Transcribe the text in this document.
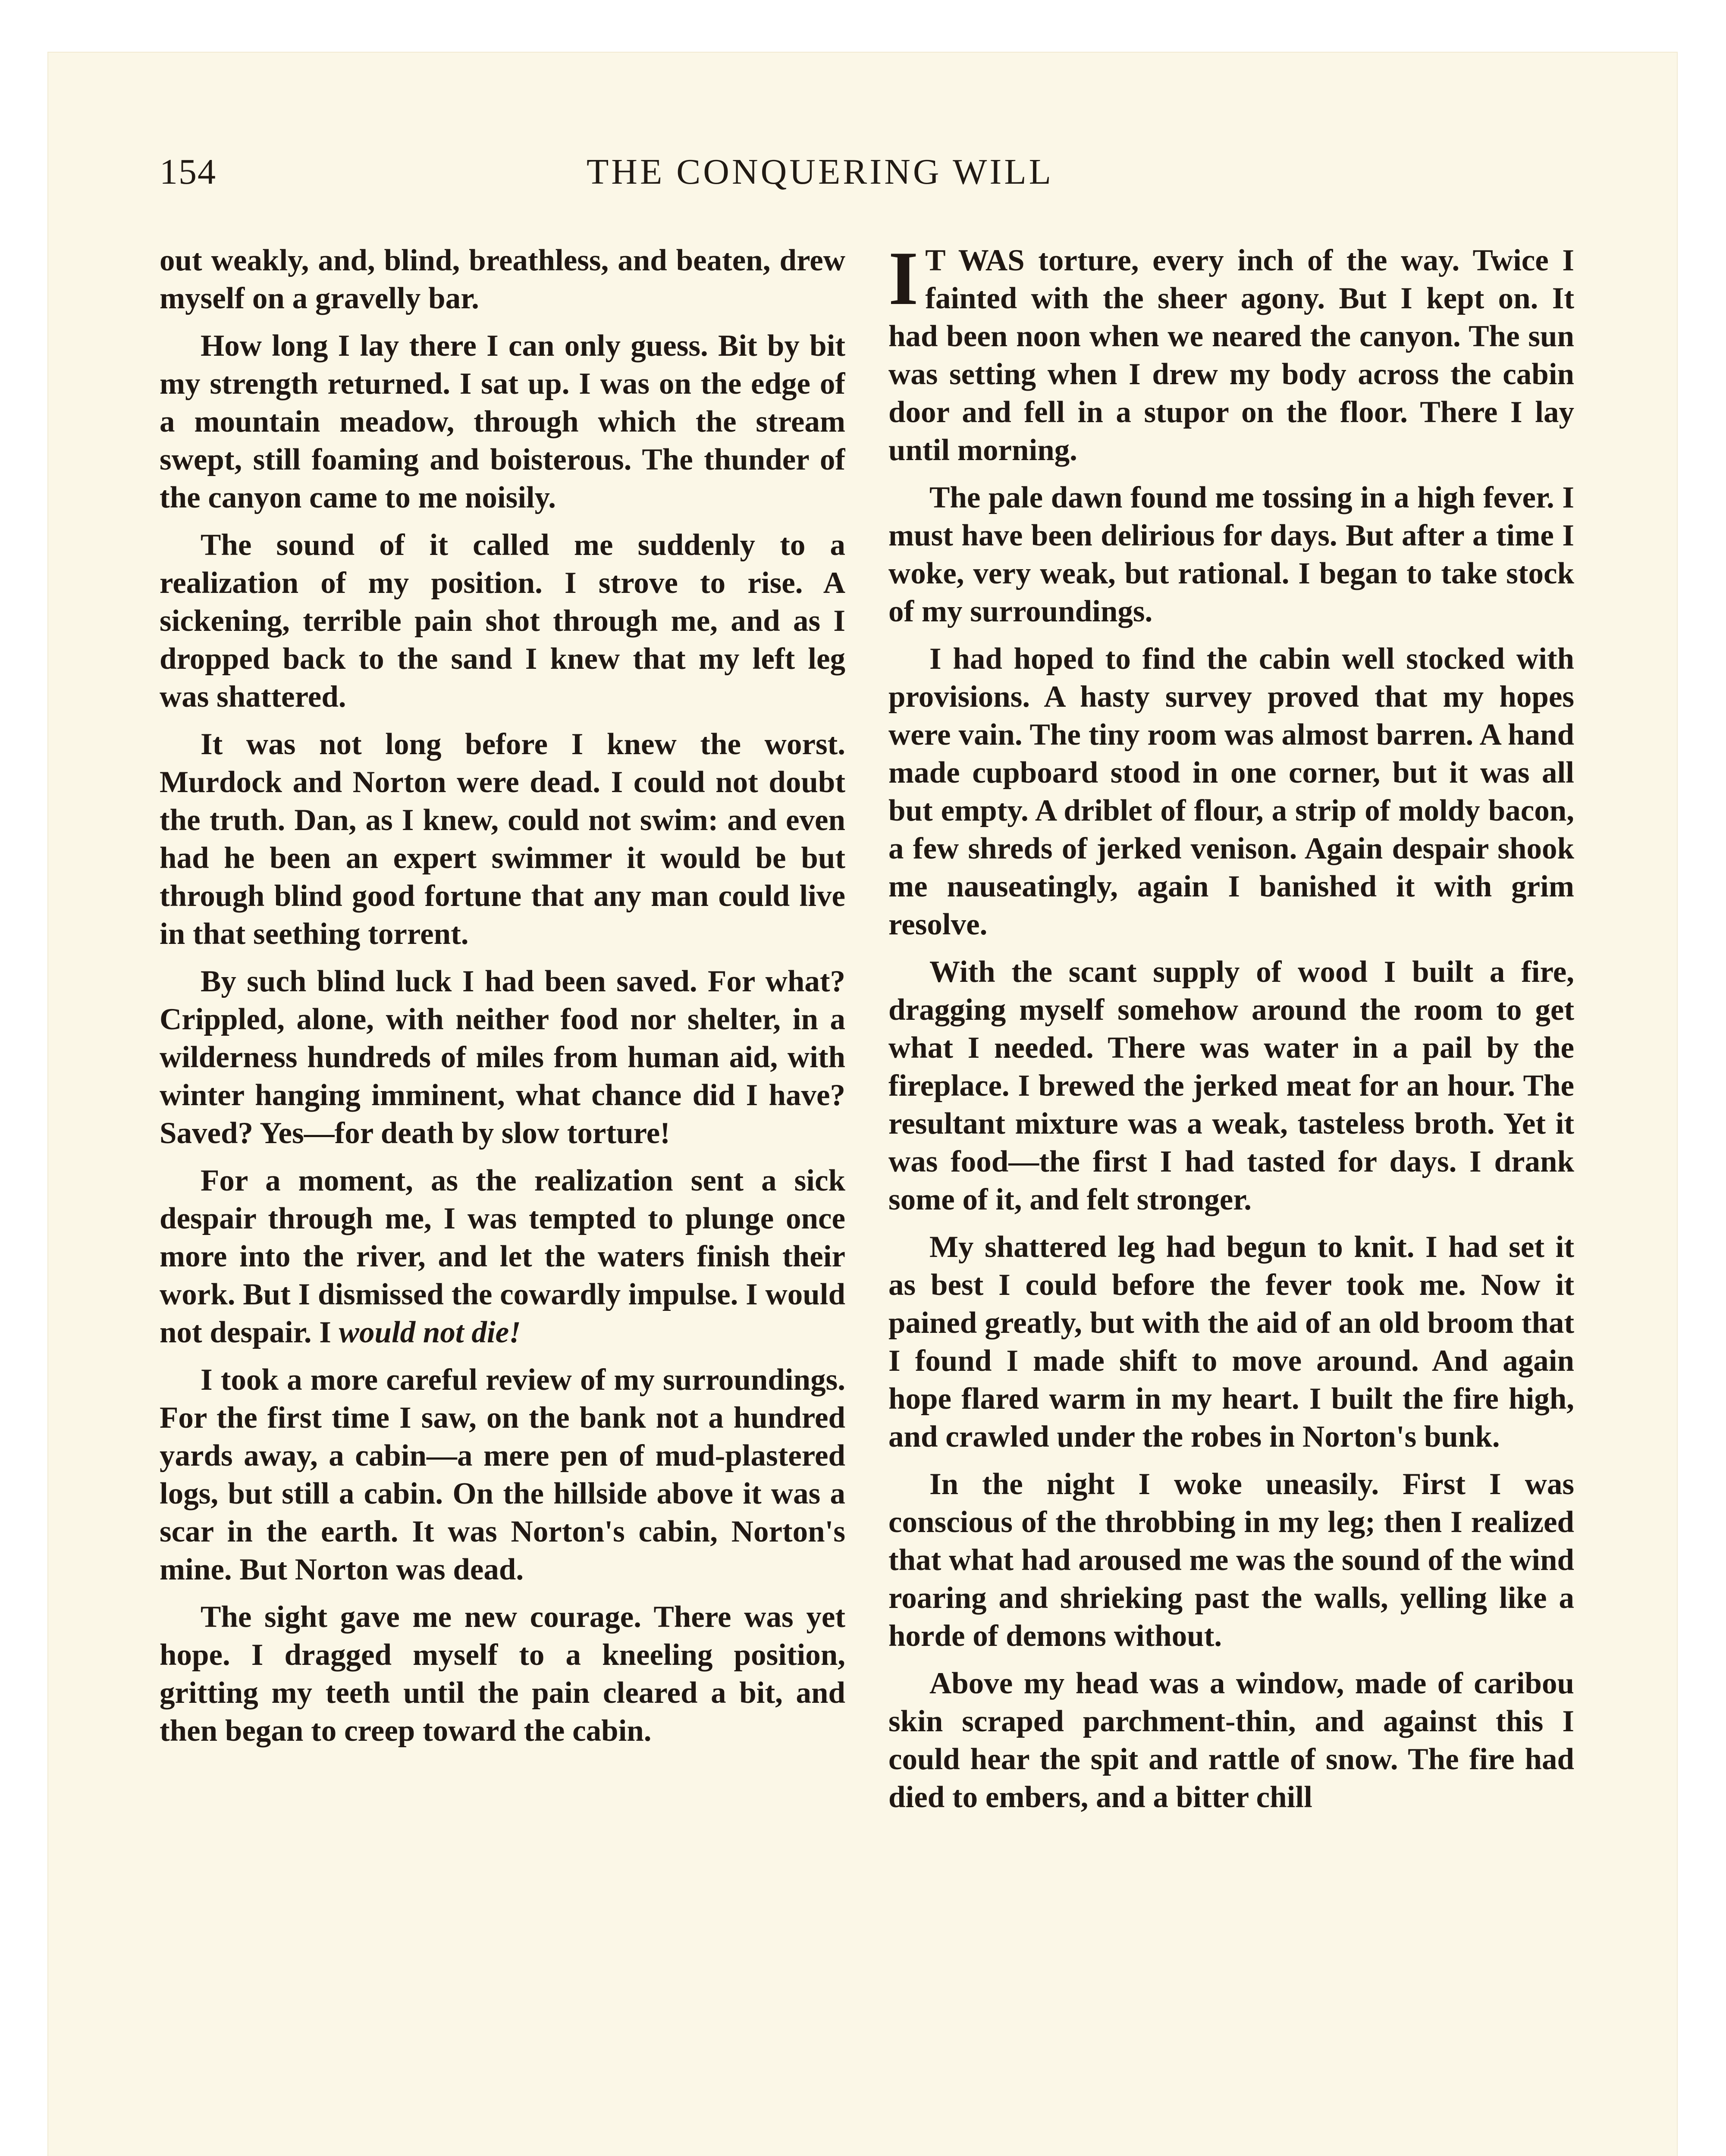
154	THE CONQUERING WILL

out weakly, and, blind, breathless, and beaten, drew myself on a gravelly bar.

How long I lay there I can only guess. Bit by bit my strength returned. I sat up. I was on the edge of a mountain meadow, through which the stream swept, still foaming and boisterous. The thunder of the canyon came to me noisily.

The sound of it called me suddenly to a realization of my position. I strove to rise. A sickening, terrible pain shot through me, and as I dropped back to the sand I knew that my left leg was shattered.

It was not long before I knew the worst. Murdock and Norton were dead. I could not doubt the truth. Dan, as I knew, could not swim: and even had he been an expert swimmer it would be but through blind good fortune that any man could live in that seething torrent.

By such blind luck I had been saved. For what? Crippled, alone, with neither food nor shelter, in a wilderness hundreds of miles from human aid, with winter hanging imminent, what chance did I have? Saved? Yes—for death by slow torture!

For a moment, as the realization sent a sick despair through me, I was tempted to plunge once more into the river, and let the waters finish their work. But I dismissed the cowardly impulse. I would not despair. I would not die!

I took a more careful review of my surroundings. For the first time I saw, on the bank not a hundred yards away, a cabin—a mere pen of mud-plastered logs, but still a cabin. On the hillside above it was a scar in the earth. It was Norton's cabin, Norton's mine. But Norton was dead.

The sight gave me new courage. There was yet hope. I dragged myself to a kneeling position, gritting my teeth until the pain cleared a bit, and then began to creep toward the cabin.

I T WAS torture, every inch of the way. Twice I fainted with the sheer agony. But I kept on. It had been noon when we neared the canyon. The sun was setting when I drew my body across the cabin door and fell in a stupor on the floor. There I lay until morning.

The pale dawn found me tossing in a high fever. I must have been delirious for days. But after a time I woke, very weak, but rational. I began to take stock of my surroundings.

I had hoped to find the cabin well stocked with provisions. A hasty survey proved that my hopes were vain. The tiny room was almost barren. A hand made cupboard stood in one corner, but it was all but empty. A driblet of flour, a strip of moldy bacon, a few shreds of jerked venison. Again despair shook me nauseatingly, again I banished it with grim resolve.

With the scant supply of wood I built a fire, dragging myself somehow around the room to get what I needed. There was water in a pail by the fireplace. I brewed the jerked meat for an hour. The resultant mixture was a weak, tasteless broth. Yet it was food—the first I had tasted for days. I drank some of it, and felt stronger.

My shattered leg had begun to knit. I had set it as best I could before the fever took me. Now it pained greatly, but with the aid of an old broom that I found I made shift to move around. And again hope flared warm in my heart. I built the fire high, and crawled under the robes in Norton's bunk.

In the night I woke uneasily. First I was conscious of the throbbing in my leg; then I realized that what had aroused me was the sound of the wind roaring and shrieking past the walls, yelling like a horde of demons without.

Above my head was a window, made of caribou skin scraped parchment-thin, and against this I could hear the spit and rattle of snow. The fire had died to embers, and a bitter chill
